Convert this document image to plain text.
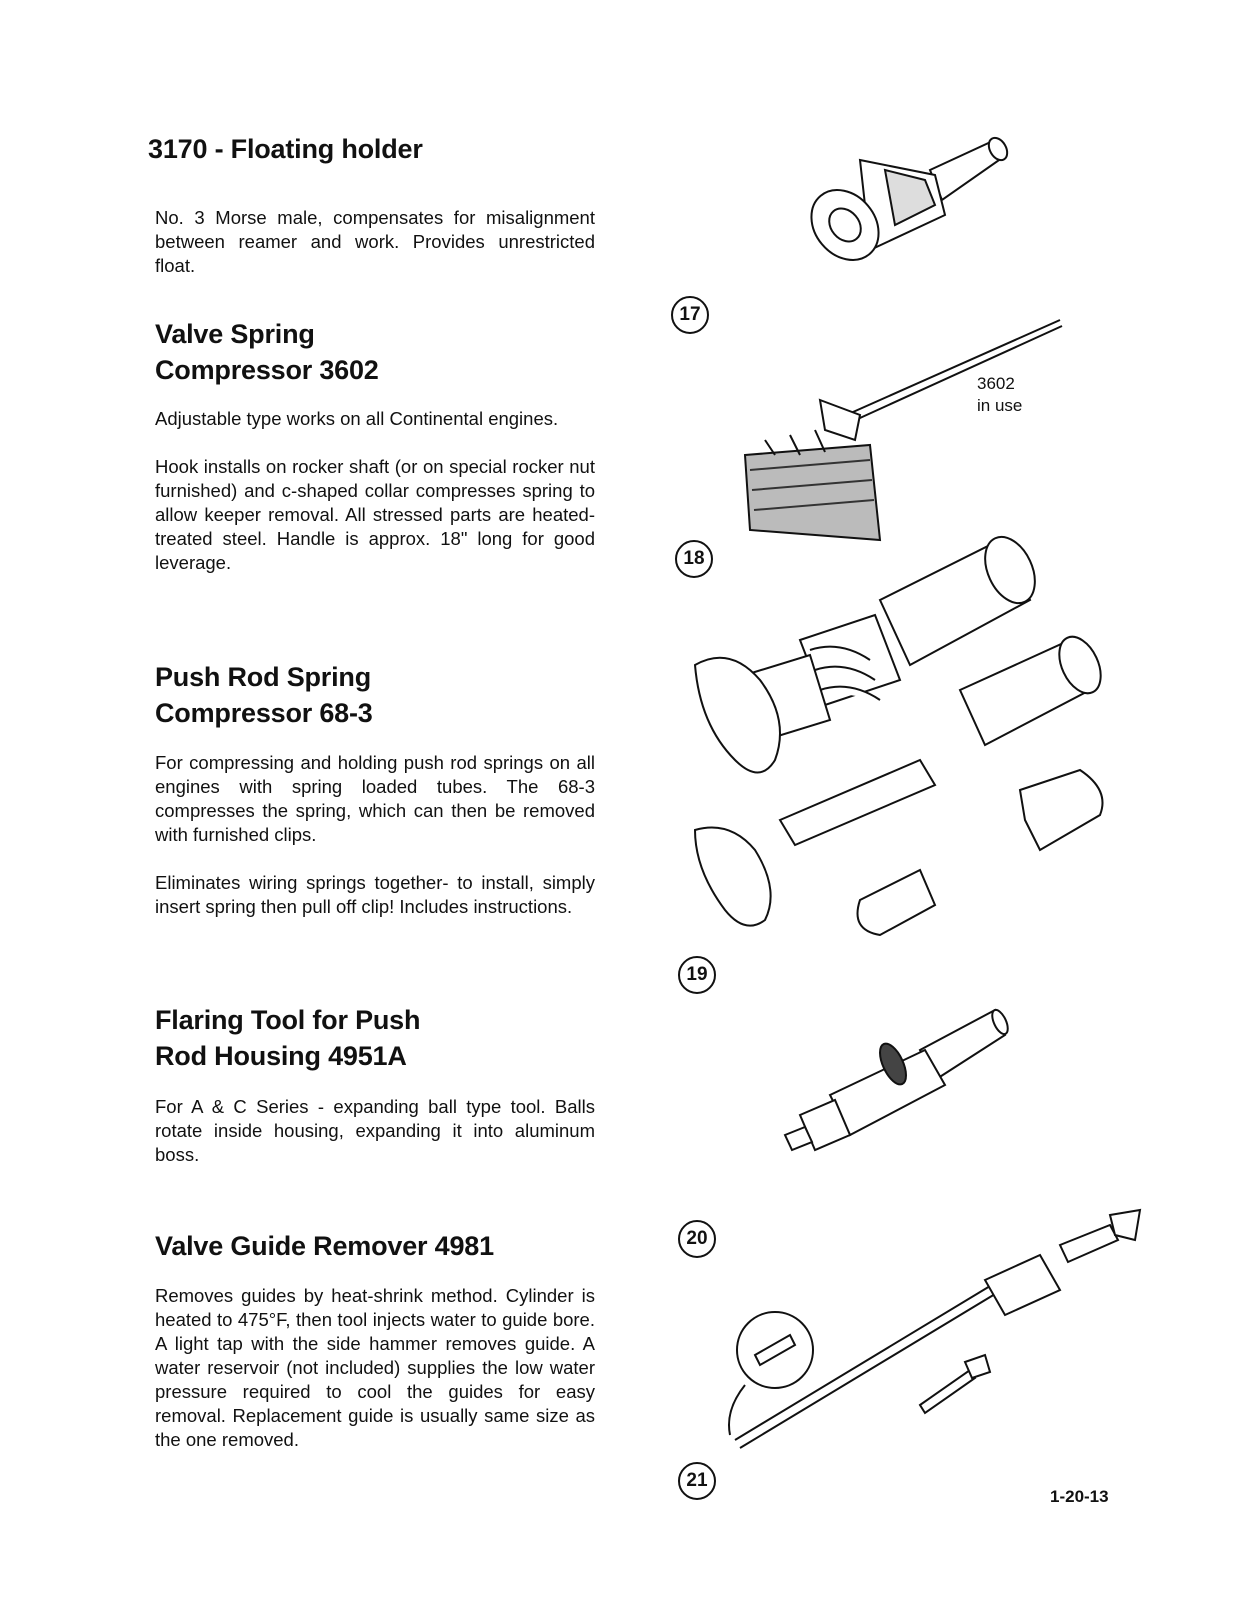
3170 - Floating holder

No. 3 Morse male, compensates for misalignment between reamer and work. Provides unrestricted float.

Valve Spring
Compressor 3602

Adjustable type works on all Continental engines.

Hook installs on rocker shaft (or on special rocker nut furnished) and c-shaped collar compresses spring to allow keeper removal. All stressed parts are heated-treated steel. Handle is approx. 18" long for good leverage.

Push Rod Spring
Compressor 68-3

For compressing and holding push rod springs on all engines with spring loaded tubes. The 68-3 compresses the spring, which can then be removed with furnished clips.

Eliminates wiring springs together- to install, simply insert spring then pull off clip! Includes instructions.

Flaring Tool for Push
Rod Housing 4951A

For A & C Series - expanding ball type tool. Balls rotate inside housing, expanding it into aluminum boss.

Valve Guide Remover 4981

Removes guides by heat-shrink method. Cylinder is heated to 475°F, then tool injects water to guide bore. A light tap with the side hammer removes guide. A water reservoir (not included) supplies the low water pressure required to cool the guides for easy removal. Replacement guide is usually same size as the one removed.

17
18
19
20
21
3602
in use
1-20-13
